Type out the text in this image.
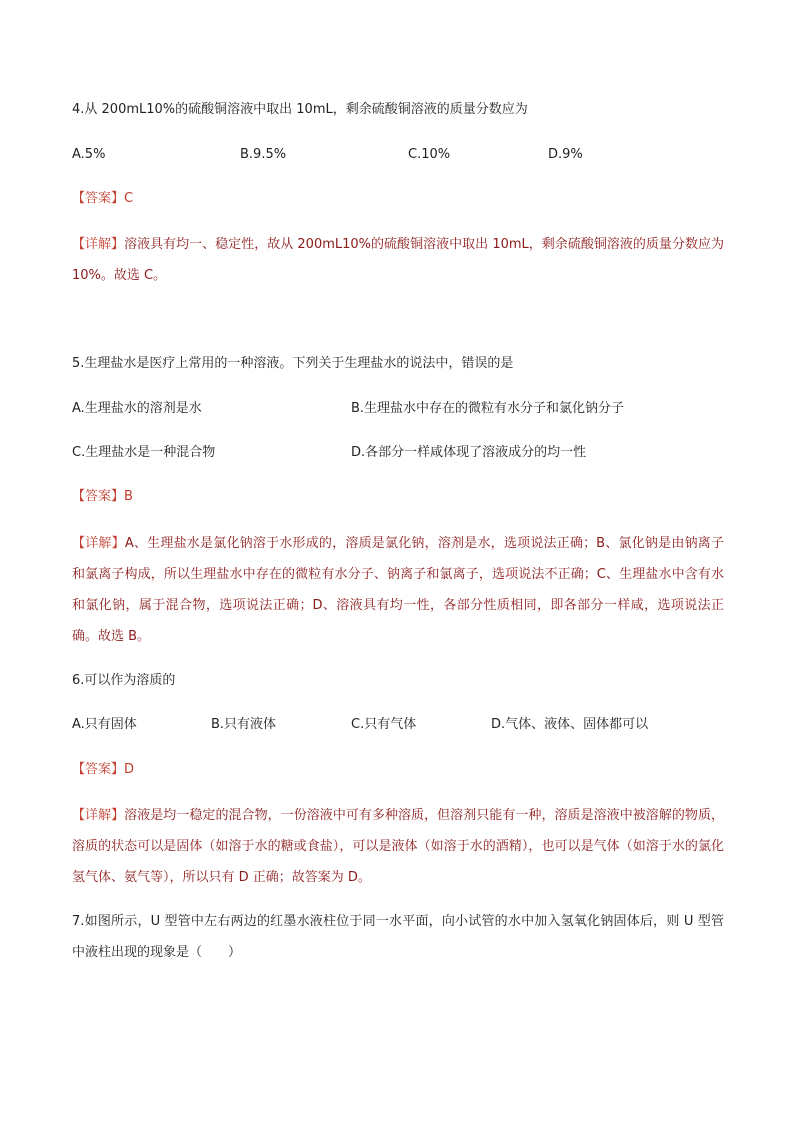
4.从 200mL10%的硫酸铜溶液中取出 10mL，剩余硫酸铜溶液的质量分数应为
A.5%	B.9.5%	C.10%	D.9%
【答案】C
【详解】溶液具有均一、稳定性，故从 200mL10%的硫酸铜溶液中取出 10mL，剩余硫酸铜溶液的质量分数应为 10%。故选 C。
5.生理盐水是医疗上常用的一种溶液。下列关于生理盐水的说法中，错误的是
A.生理盐水的溶剂是水	B.生理盐水中存在的微粒有水分子和氯化钠分子
C.生理盐水是一种混合物	D.各部分一样咸体现了溶液成分的均一性
【答案】B
【详解】A、生理盐水是氯化钠溶于水形成的，溶质是氯化钠，溶剂是水，选项说法正确；B、氯化钠是由钠离子和氯离子构成，所以生理盐水中存在的微粒有水分子、钠离子和氯离子，选项说法不正确；C、生理盐水中含有水和氯化钠，属于混合物，选项说法正确；D、溶液具有均一性，各部分性质相同，即各部分一样咸，选项说法正确。故选 B。
6.可以作为溶质的
A.只有固体	B.只有液体	C.只有气体	D.气体、液体、固体都可以
【答案】D
【详解】溶液是均一稳定的混合物，一份溶液中可有多种溶质，但溶剂只能有一种，溶质是溶液中被溶解的物质，溶质的状态可以是固体（如溶于水的糖或食盐），可以是液体（如溶于水的酒精），也可以是气体（如溶于水的氯化氢气体、氨气等），所以只有 D 正确；故答案为 D。
7.如图所示，U 型管中左右两边的红墨水液柱位于同一水平面，向小试管的水中加入氢氧化钠固体后，则 U 型管中液柱出现的现象是（　　）
